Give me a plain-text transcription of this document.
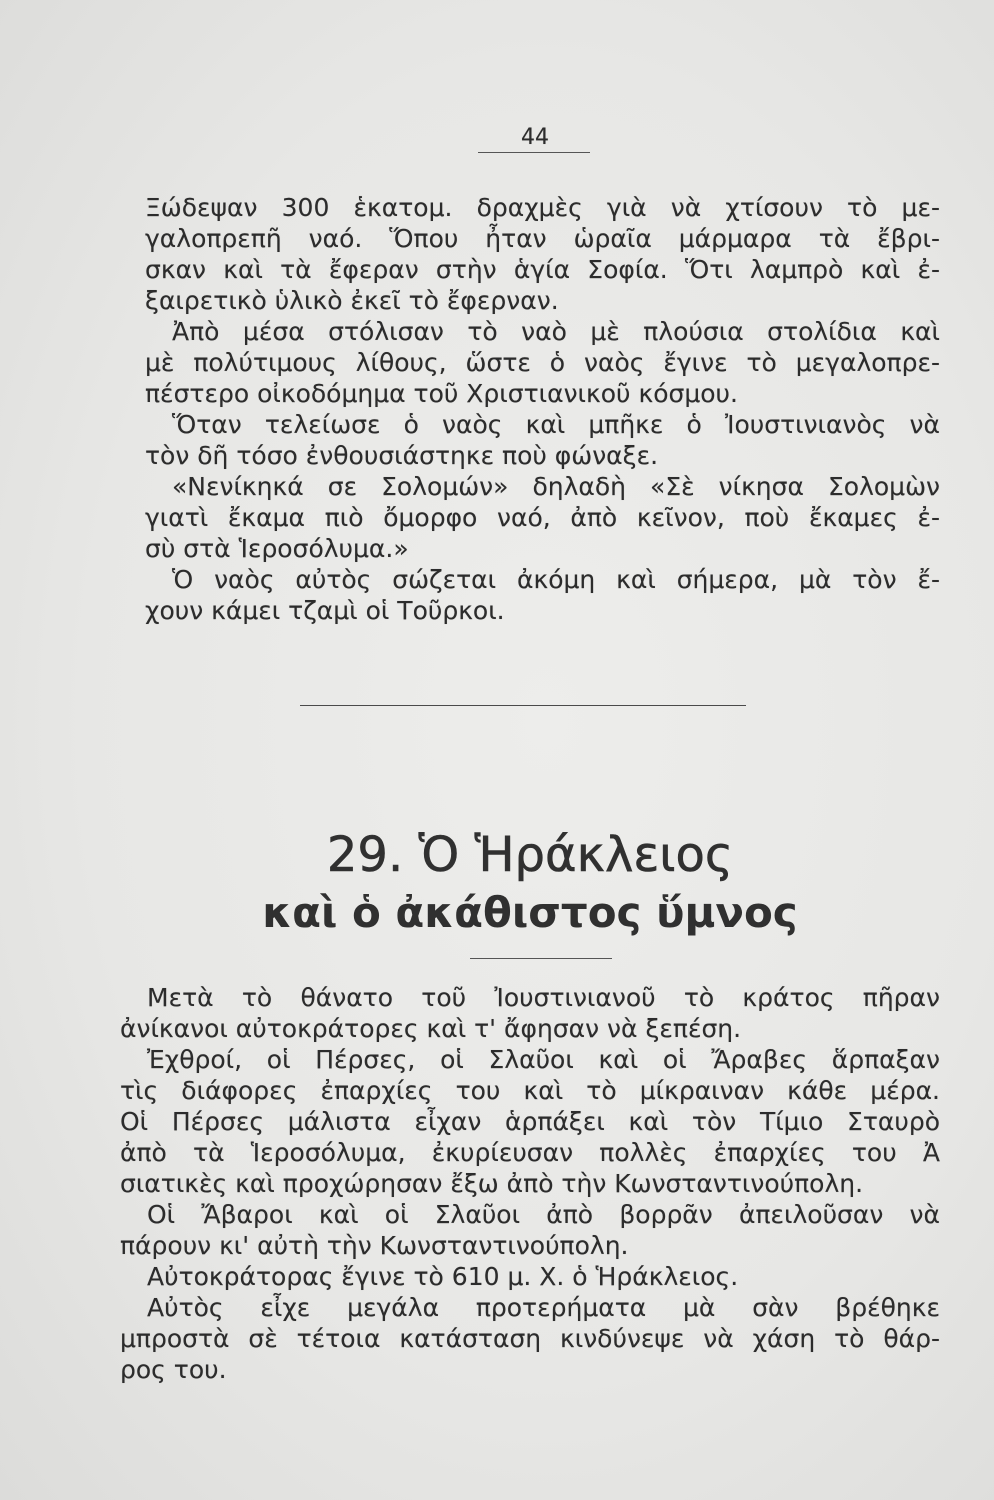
44
Ξώδεψαν 300 ἑκατομ. δραχμὲς γιὰ νὰ χτίσουν τὸ με-
γαλοπρεπῆ ναό. Ὅπου ἦταν ὡραῖα μάρμαρα τὰ ἔβρι-
σκαν καὶ τὰ ἔφεραν στὴν ἁγία Σοφία. Ὅτι λαμπρὸ καὶ ἐ-
ξαιρετικὸ ὑλικὸ ἐκεῖ τὸ ἔφερναν.
Ἀπὸ μέσα στόλισαν τὸ ναὸ μὲ πλούσια στολίδια καὶ
μὲ πολύτιμους λίθους, ὥστε ὁ ναὸς ἔγινε τὸ μεγαλοπρε-
πέστερο οἰκοδόμημα τοῦ Χριστιανικοῦ κόσμου.
Ὅταν τελείωσε ὁ ναὸς καὶ μπῆκε ὁ Ἰουστινιανὸς νὰ
τὸν δῆ τόσο ἐνθουσιάστηκε ποὺ φώναξε.
«Νενίκηκά σε Σολομών» δηλαδὴ «Σὲ νίκησα Σολομὼν
γιατὶ ἔκαμα πιὸ ὄμορφο ναό, ἀπὸ κεῖνον, ποὺ ἔκαμες ἐ-
σὺ στὰ Ἱεροσόλυμα.»
Ὁ ναὸς αὐτὸς σώζεται ἀκόμη καὶ σήμερα, μὰ τὸν ἔ-
χουν κάμει τζαμὶ οἱ Τοῦρκοι.
29. Ὁ Ἡράκλειος
καὶ ὁ ἀκάθιστος ὕμνος
Μετὰ τὸ θάνατο τοῦ Ἰουστινιανοῦ τὸ κράτος πῆραν
ἀνίκανοι αὐτοκράτορες καὶ τ' ἄφησαν νὰ ξεπέση.
Ἐχθροί, οἱ Πέρσες, οἱ Σλαῦοι καὶ οἱ Ἄραβες ἅρπαξαν
τὶς διάφορες ἐπαρχίες του καὶ τὸ μίκραιναν κάθε μέρα.
Οἱ Πέρσες μάλιστα εἶχαν ἁρπάξει καὶ τὸν Τίμιο Σταυρὸ
ἀπὸ τὰ Ἱεροσόλυμα, ἐκυρίευσαν πολλὲς ἐπαρχίες του Ἀ
σιατικὲς καὶ προχώρησαν ἔξω ἀπὸ τὴν Κωνσταντινούπολη.
Οἱ Ἄβαροι καὶ οἱ Σλαῦοι ἀπὸ βορρᾶν ἀπειλοῦσαν νὰ
πάρουν κι' αὐτὴ τὴν Κωνσταντινούπολη.
Αὐτοκράτορας ἔγινε τὸ 610 μ. Χ. ὁ Ἡράκλειος.
Αὐτὸς εἶχε μεγάλα προτερήματα μὰ σὰν βρέθηκε
μπροστὰ σὲ τέτοια κατάσταση κινδύνεψε νὰ χάση τὸ θάρ-
ρος του.
